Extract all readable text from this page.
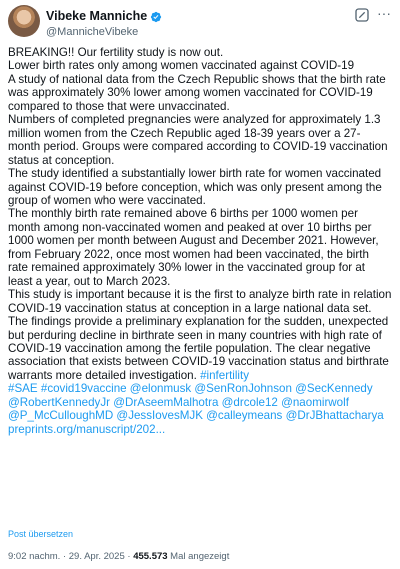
Vibeke Manniche
@MannicheVibeke
···

BREAKING!! Our fertility study is now out.

Lower birth rates only among women vaccinated against COVID-19

A study of national data from the Czech Republic shows that the birth rate was approximately 30% lower among women vaccinated for COVID-19 compared to those that were unvaccinated.

Numbers of completed pregnancies were analyzed for approximately 1.3 million women from the Czech Republic aged 18-39 years over a 27-month period. Groups were compared according to COVID-19 vaccination status at conception.

The study identified a substantially lower birth rate for women vaccinated against COVID-19 before conception, which was only present among the group of women who were vaccinated.

The monthly birth rate remained above 6 births per 1000 women per month among non-vaccinated women and peaked at over 10 births per 1000 women per month between August and December 2021. However, from February 2022, once most women had been vaccinated, the birth rate remained approximately 30% lower in the vaccinated group for at least a year, out to March 2023.

This study is important because it is the first to analyze birth rate in relation COVID-19 vaccination status at conception in a large national data set.

The findings provide a preliminary explanation for the sudden, unexpected but perduring decline in birthrate seen in many countries with high rate of COVID-19 vaccination among the fertile population. The clear negative association that exists between COVID-19 vaccination status and birthrate warrants more detailed investigation. #infertility

#SAE #covid19vaccine @elonmusk @SenRonJohnson @SecKennedy @RobertKennedyJr @DrAseemMalhotra @drcole12 @naomirwolf @P_McCulloughMD @JessIovesMJK @calleymeans @DrJBhattacharya

preprints.org/manuscript/202...

Post übersetzen
9:02 nachm. · 29. Apr. 2025 · 455.573 Mal angezeigt
